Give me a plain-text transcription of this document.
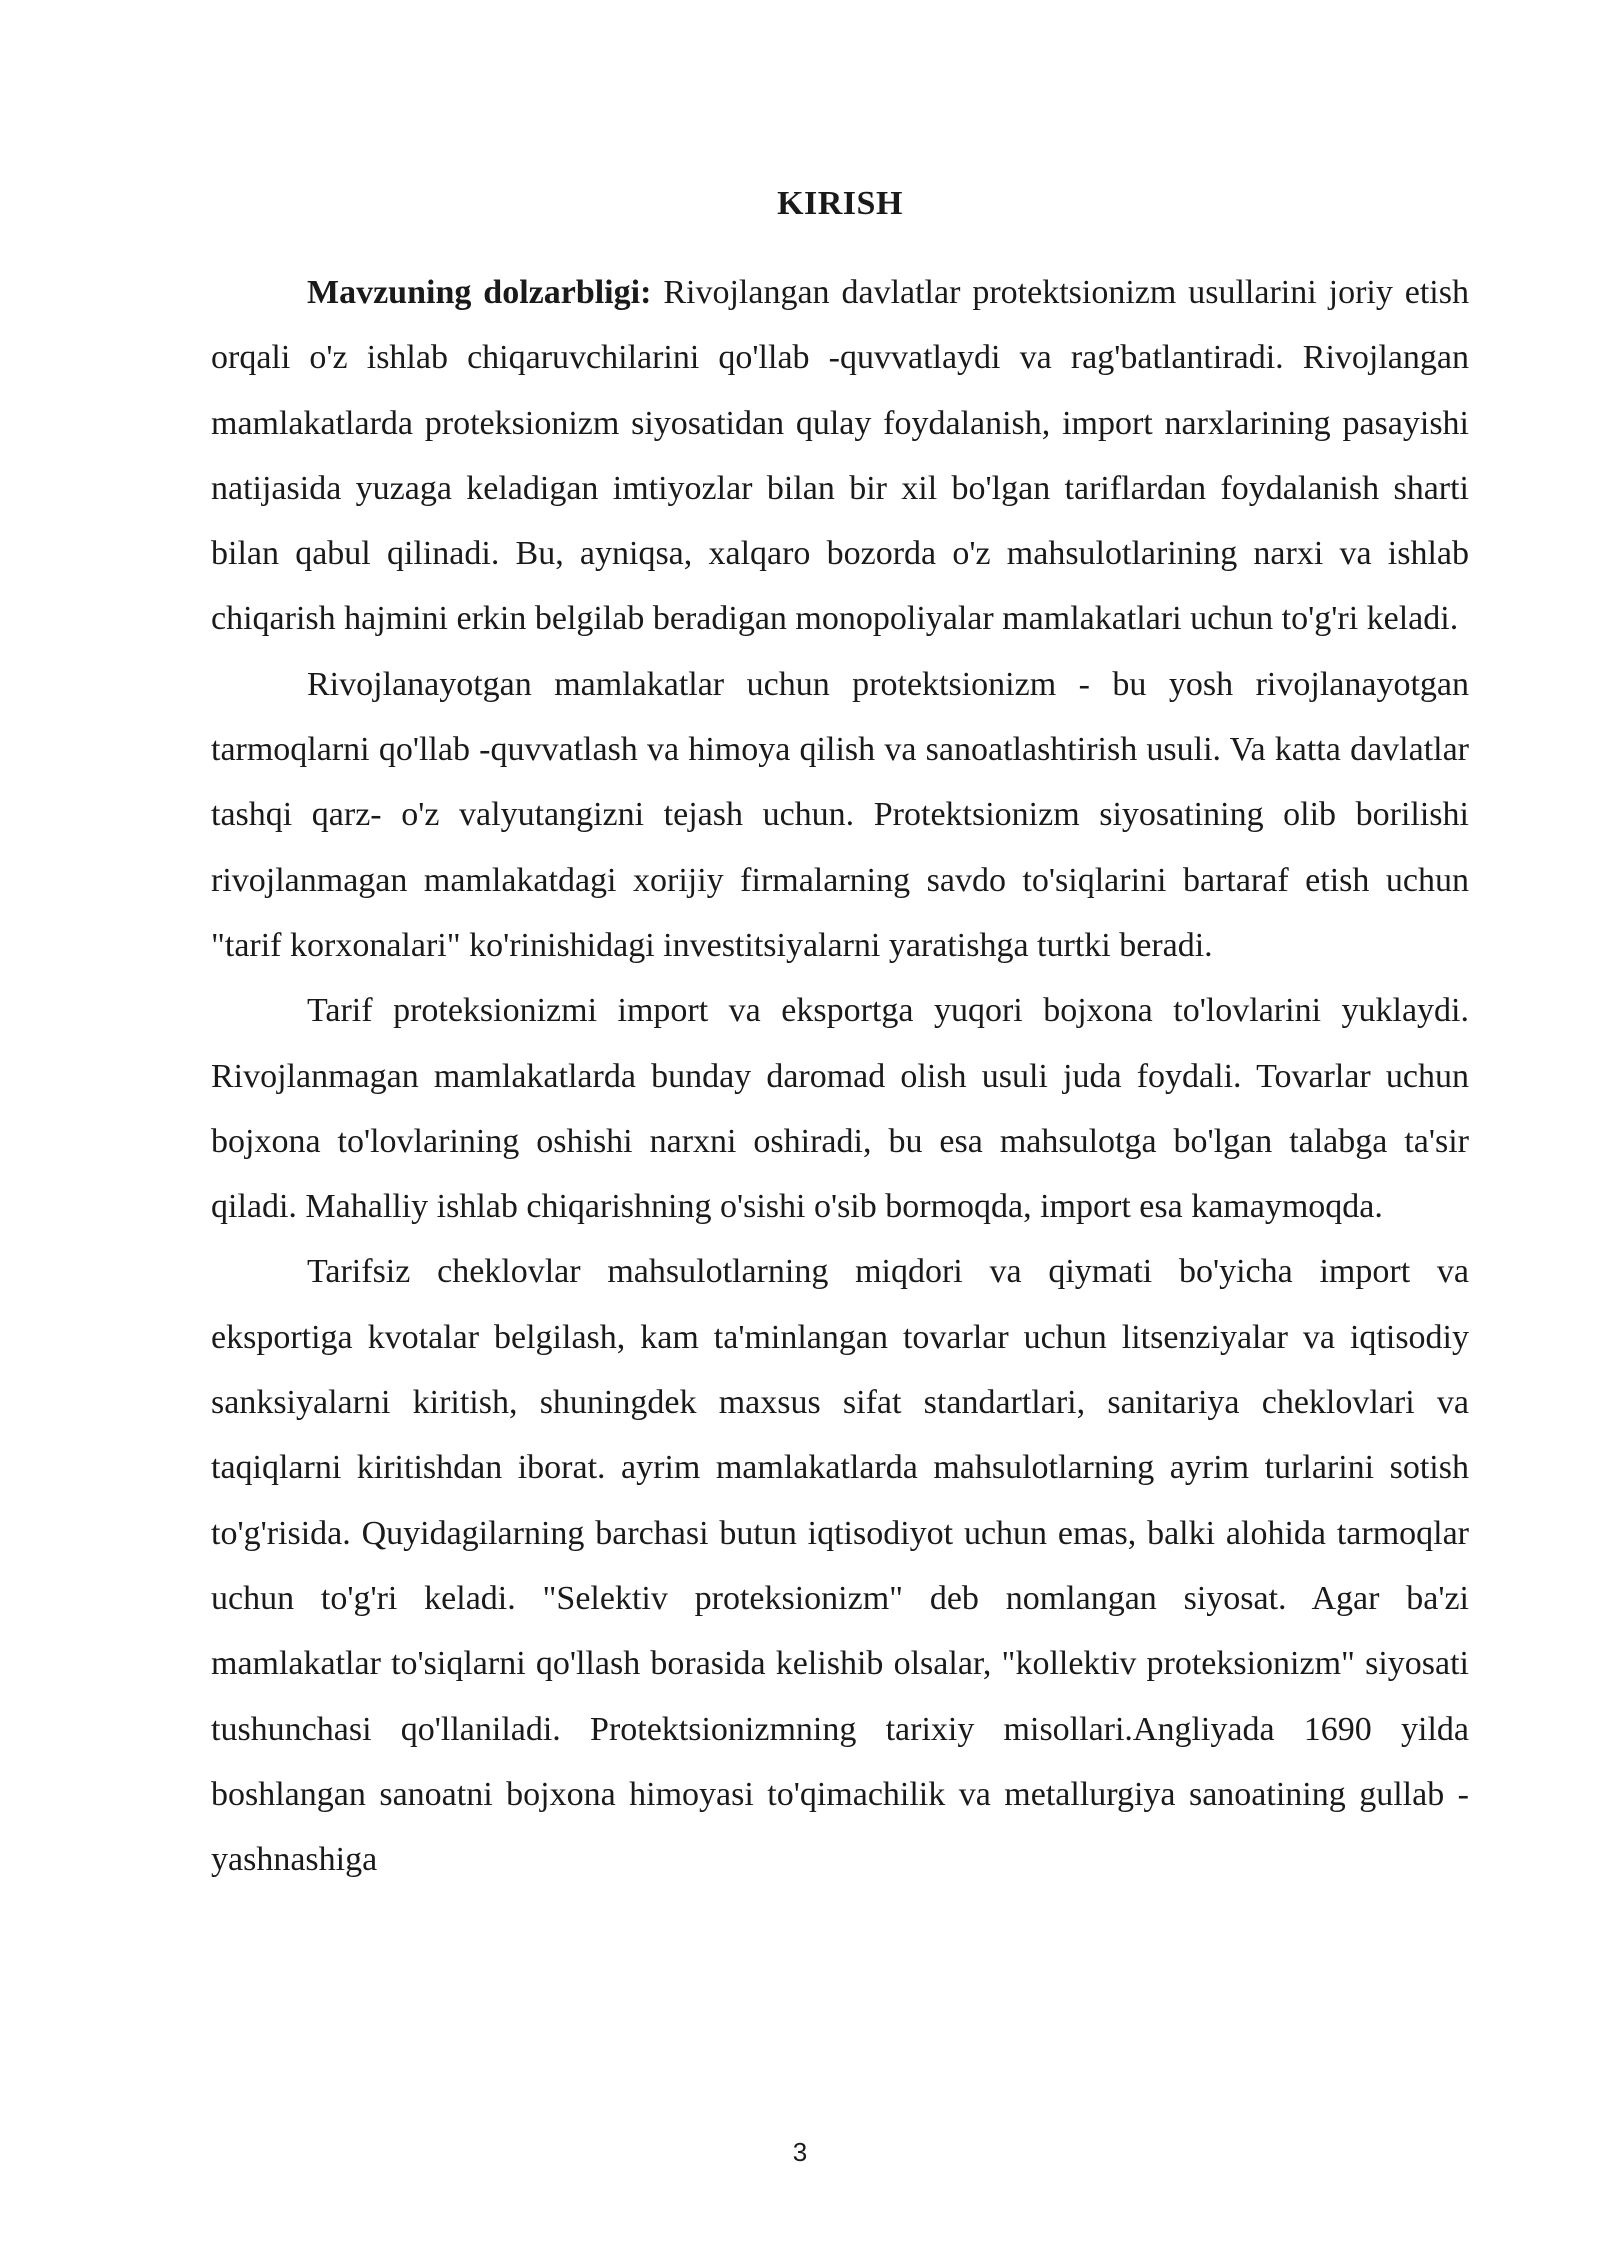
KIRISH

Mavzuning dolzarbligi: Rivojlangan davlatlar protektsionizm usullarini joriy etish orqali o'z ishlab chiqaruvchilarini qo'llab -quvvatlaydi va rag'batlantiradi. Rivojlangan mamlakatlarda proteksionizm siyosatidan qulay foydalanish, import narxlarining pasayishi natijasida yuzaga keladigan imtiyozlar bilan bir xil bo'lgan tariflardan foydalanish sharti bilan qabul qilinadi. Bu, ayniqsa, xalqaro bozorda o'z mahsulotlarining narxi va ishlab chiqarish hajmini erkin belgilab beradigan monopoliyalar mamlakatlari uchun to'g'ri keladi.

Rivojlanayotgan mamlakatlar uchun protektsionizm - bu yosh rivojlanayotgan tarmoqlarni qo'llab -quvvatlash va himoya qilish va sanoatlashtirish usuli. Va katta davlatlar tashqi qarz- o'z valyutangizni tejash uchun. Protektsionizm siyosatining olib borilishi rivojlanmagan mamlakatdagi xorijiy firmalarning savdo to'siqlarini bartaraf etish uchun "tarif korxonalari" ko'rinishidagi investitsiyalarni yaratishga turtki beradi.

Tarif proteksionizmi import va eksportga yuqori bojxona to'lovlarini yuklaydi. Rivojlanmagan mamlakatlarda bunday daromad olish usuli juda foydali. Tovarlar uchun bojxona to'lovlarining oshishi narxni oshiradi, bu esa mahsulotga bo'lgan talabga ta'sir qiladi. Mahalliy ishlab chiqarishning o'sishi o'sib bormoqda, import esa kamaymoqda.

Tarifsiz cheklovlar mahsulotlarning miqdori va qiymati bo'yicha import va eksportiga kvotalar belgilash, kam ta'minlangan tovarlar uchun litsenziyalar va iqtisodiy sanksiyalarni kiritish, shuningdek maxsus sifat standartlari, sanitariya cheklovlari va taqiqlarni kiritishdan iborat. ayrim mamlakatlarda mahsulotlarning ayrim turlarini sotish to'g'risida. Quyidagilarning barchasi butun iqtisodiyot uchun emas, balki alohida tarmoqlar uchun to'g'ri keladi. "Selektiv proteksionizm" deb nomlangan siyosat. Agar ba'zi mamlakatlar to'siqlarni qo'llash borasida kelishib olsalar, "kollektiv proteksionizm" siyosati tushunchasi qo'llaniladi. Protektsionizmning tarixiy misollari.Angliyada 1690 yilda boshlangan sanoatni bojxona himoyasi to'qimachilik va metallurgiya sanoatining gullab -yashnashiga

3
